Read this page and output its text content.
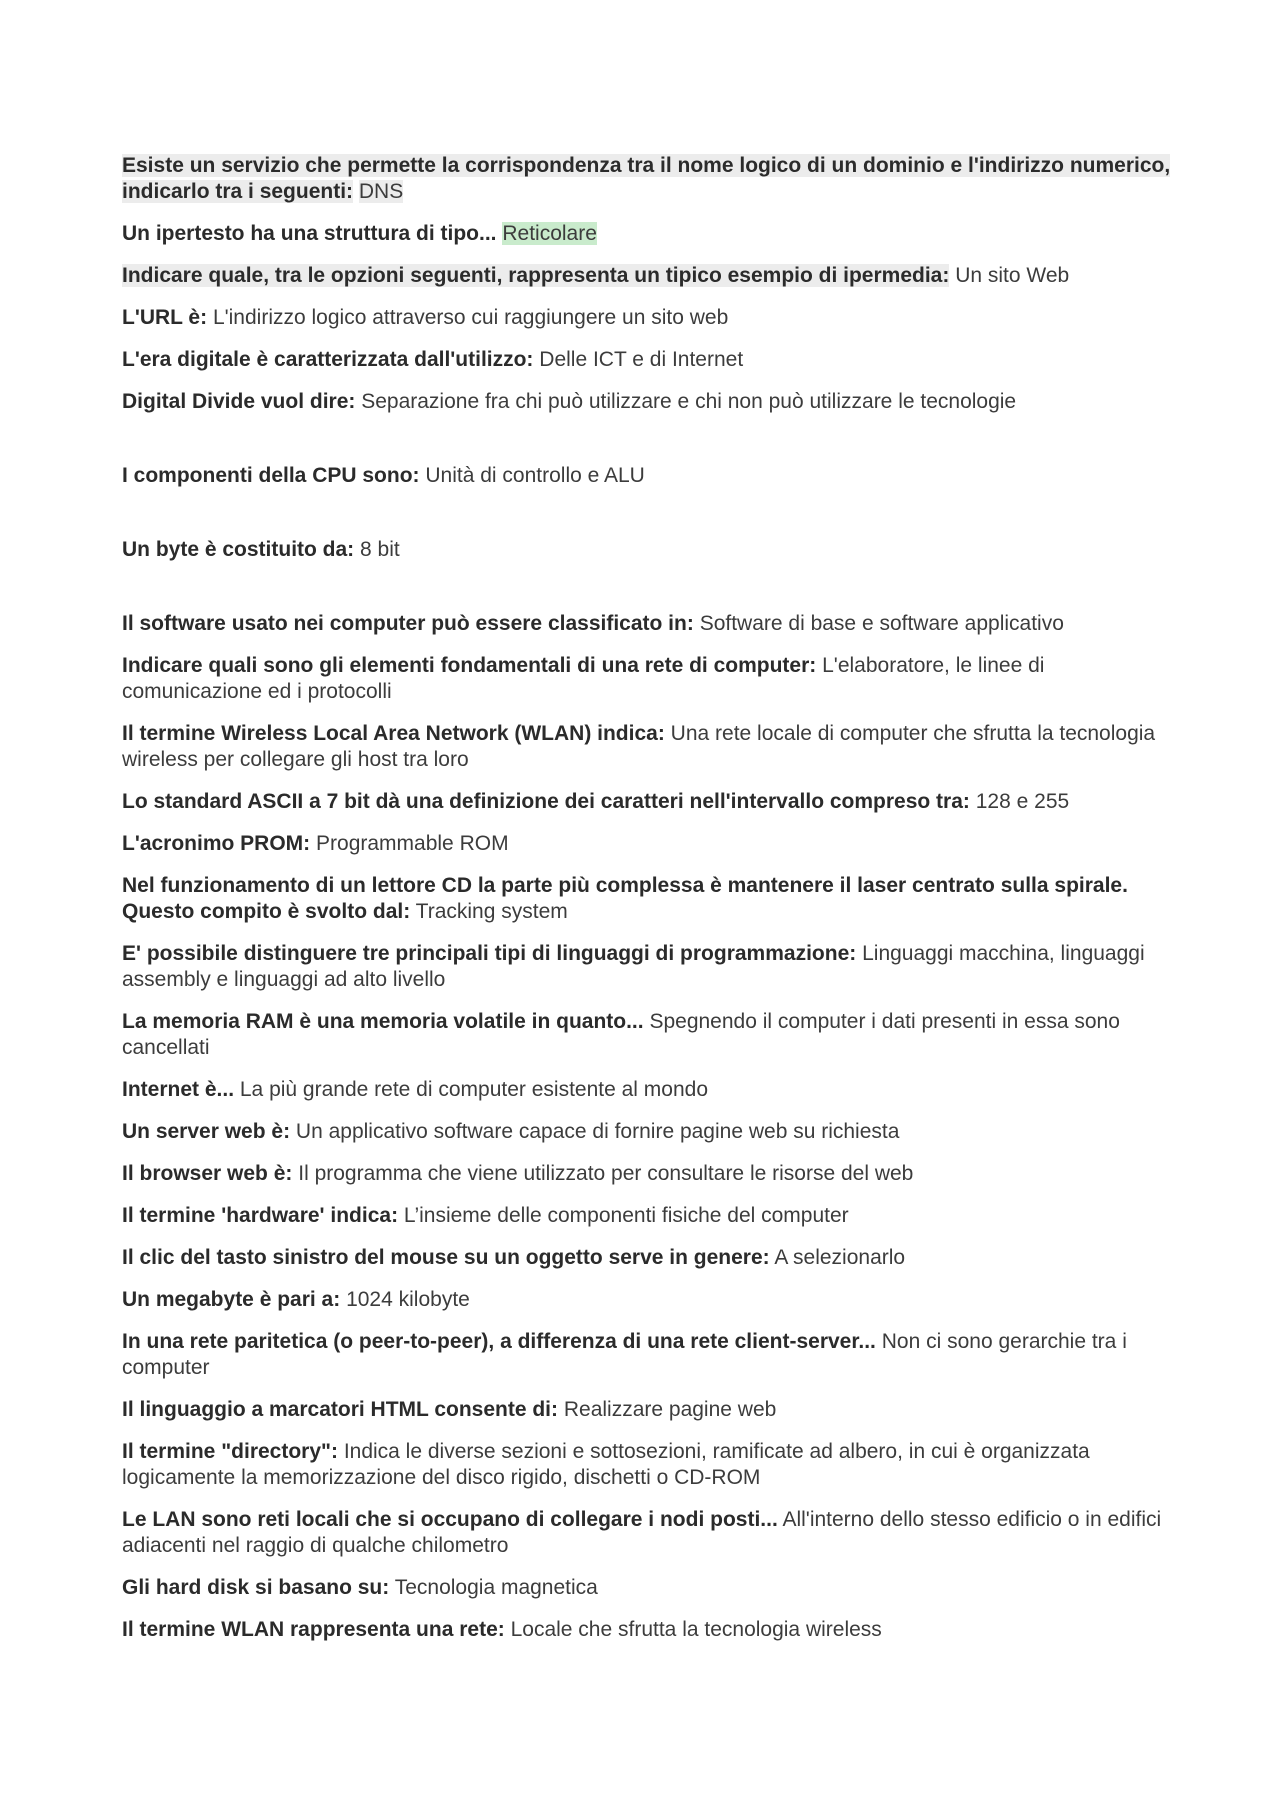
Esiste un servizio che permette la corrispondenza tra il nome logico di un dominio e l'indirizzo numerico, indicarlo tra i seguenti: DNS

Un ipertesto ha una struttura di tipo... Reticolare

Indicare quale, tra le opzioni seguenti, rappresenta un tipico esempio di ipermedia: Un sito Web

L'URL è: L'indirizzo logico attraverso cui raggiungere un sito web

L'era digitale è caratterizzata dall'utilizzo: Delle ICT e di Internet

Digital Divide vuol dire: Separazione fra chi può utilizzare e chi non può utilizzare le tecnologie

I componenti della CPU sono: Unità di controllo e ALU

Un byte è costituito da: 8 bit

Il software usato nei computer può essere classificato in: Software di base e software applicativo

Indicare quali sono gli elementi fondamentali di una rete di computer: L'elaboratore, le linee di comunicazione ed i protocolli

Il termine Wireless Local Area Network (WLAN) indica: Una rete locale di computer che sfrutta la tecnologia wireless per collegare gli host tra loro

Lo standard ASCII a 7 bit dà una definizione dei caratteri nell'intervallo compreso tra: 128 e 255

L'acronimo PROM: Programmable ROM

Nel funzionamento di un lettore CD la parte più complessa è mantenere il laser centrato sulla spirale. Questo compito è svolto dal: Tracking system

E' possibile distinguere tre principali tipi di linguaggi di programmazione: Linguaggi macchina, linguaggi assembly e linguaggi ad alto livello

La memoria RAM è una memoria volatile in quanto... Spegnendo il computer i dati presenti in essa sono cancellati

Internet è... La più grande rete di computer esistente al mondo

Un server web è: Un applicativo software capace di fornire pagine web su richiesta

Il browser web è: Il programma che viene utilizzato per consultare le risorse del web

Il termine 'hardware' indica: L’insieme delle componenti fisiche del computer

Il clic del tasto sinistro del mouse su un oggetto serve in genere: A selezionarlo

Un megabyte è pari a: 1024 kilobyte

In una rete paritetica (o peer-to-peer), a differenza di una rete client-server... Non ci sono gerarchie tra i computer

Il linguaggio a marcatori HTML consente di: Realizzare pagine web

Il termine "directory": Indica le diverse sezioni e sottosezioni, ramificate ad albero, in cui è organizzata logicamente la memorizzazione del disco rigido, dischetti o CD-ROM

Le LAN sono reti locali che si occupano di collegare i nodi posti... All'interno dello stesso edificio o in edifici adiacenti nel raggio di qualche chilometro

Gli hard disk si basano su: Tecnologia magnetica

Il termine WLAN rappresenta una rete: Locale che sfrutta la tecnologia wireless
